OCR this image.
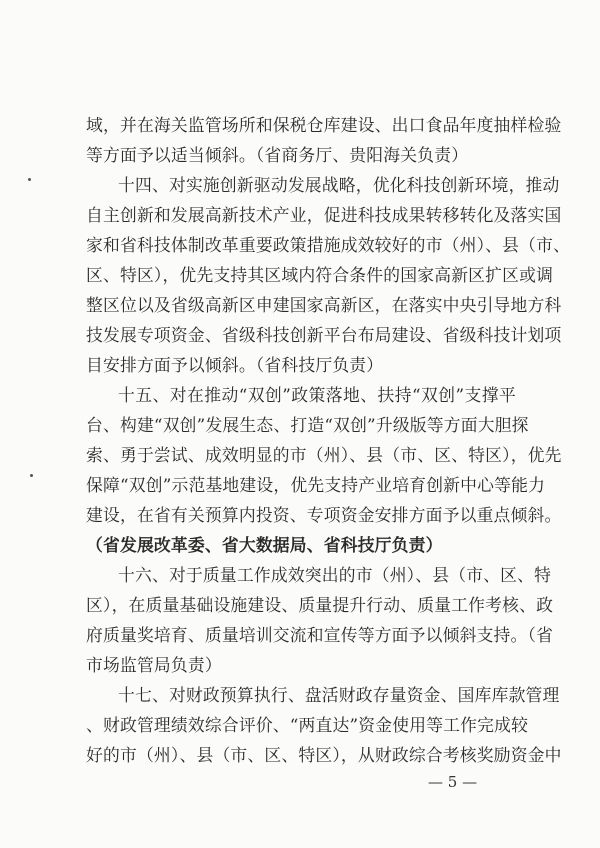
域，并在海关监管场所和保税仓库建设、出口食品年度抽样检验
等方面予以适当倾斜。（省商务厅、贵阳海关负责）
十四、对实施创新驱动发展战略，优化科技创新环境，推动
自主创新和发展高新技术产业，促进科技成果转移转化及落实国
家和省科技体制改革重要政策措施成效较好的市（州）、县（市、
区、特区），优先支持其区域内符合条件的国家高新区扩区或调
整区位以及省级高新区申建国家高新区，在落实中央引导地方科
技发展专项资金、省级科技创新平台布局建设、省级科技计划项
目安排方面予以倾斜。（省科技厅负责）
十五、对在推动“双创”政策落地、扶持“双创”支撑平
台、构建“双创”发展生态、打造“双创”升级版等方面大胆探
索、勇于尝试、成效明显的市（州）、县（市、区、特区），优先
保障“双创”示范基地建设，优先支持产业培育创新中心等能力
建设，在省有关预算内投资、专项资金安排方面予以重点倾斜。
（省发展改革委、省大数据局、省科技厅负责）
十六、对于质量工作成效突出的市（州）、县（市、区、特
区），在质量基础设施建设、质量提升行动、质量工作考核、政
府质量奖培育、质量培训交流和宣传等方面予以倾斜支持。（省
市场监管局负责）
十七、对财政预算执行、盘活财政存量资金、国库库款管理
、财政管理绩效综合评价、“两直达”资金使用等工作完成较
好的市（州）、县（市、区、特区），从财政综合考核奖励资金中
— 5 —
